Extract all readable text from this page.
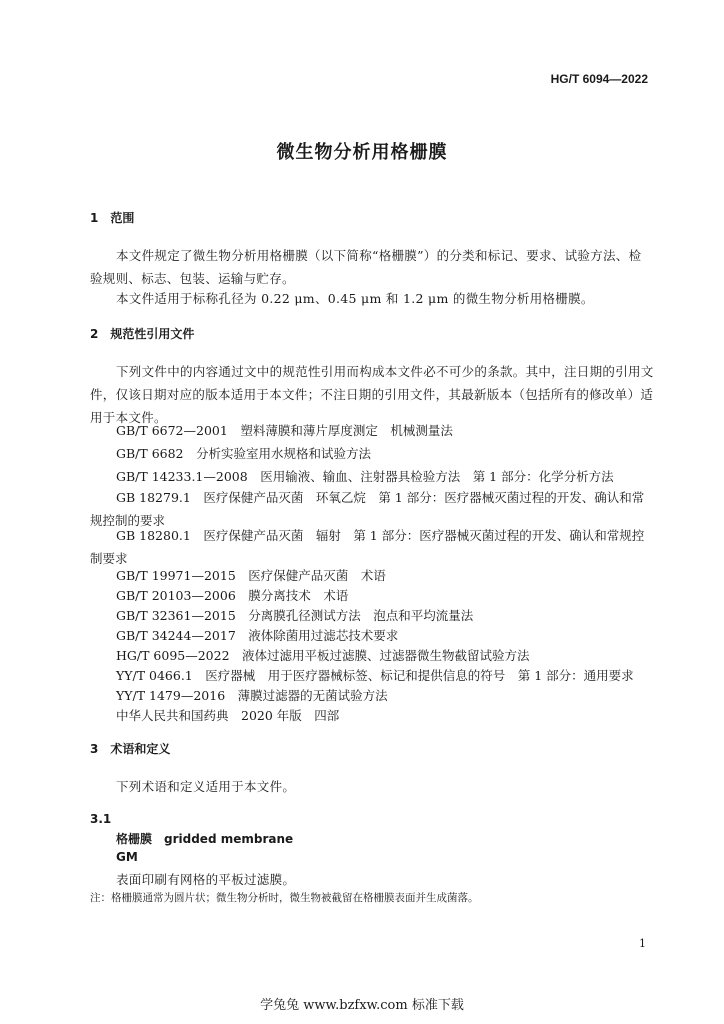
HG/T 6094—2022
微生物分析用格栅膜
1　范围
本文件规定了微生物分析用格栅膜（以下简称“格栅膜”）的分类和标记、要求、试验方法、检
验规则、标志、包装、运输与贮存。
本文件适用于标称孔径为 0.22 μm、0.45 μm 和 1.2 μm 的微生物分析用格栅膜。
2　规范性引用文件
下列文件中的内容通过文中的规范性引用而构成本文件必不可少的条款。其中，注日期的引用文
件，仅该日期对应的版本适用于本文件；不注日期的引用文件，其最新版本（包括所有的修改单）适
用于本文件。
GB/T 6672—2001　塑料薄膜和薄片厚度测定　机械测量法
GB/T 6682　分析实验室用水规格和试验方法
GB/T 14233.1—2008　医用输液、输血、注射器具检验方法　第 1 部分：化学分析方法
GB 18279.1　医疗保健产品灭菌　环氧乙烷　第 1 部分：医疗器械灭菌过程的开发、确认和常
规控制的要求
GB 18280.1　医疗保健产品灭菌　辐射　第 1 部分：医疗器械灭菌过程的开发、确认和常规控
制要求
GB/T 19971—2015　医疗保健产品灭菌　术语
GB/T 20103—2006　膜分离技术　术语
GB/T 32361—2015　分离膜孔径测试方法　泡点和平均流量法
GB/T 34244—2017　液体除菌用过滤芯技术要求
HG/T 6095—2022　液体过滤用平板过滤膜、过滤器微生物截留试验方法
YY/T 0466.1　医疗器械　用于医疗器械标签、标记和提供信息的符号　第 1 部分：通用要求
YY/T 1479—2016　薄膜过滤器的无菌试验方法
中华人民共和国药典　2020 年版　四部
3　术语和定义
下列术语和定义适用于本文件。
3.1
格栅膜　gridded membrane
GM
表面印刷有网格的平板过滤膜。
注：格栅膜通常为圆片状；微生物分析时，微生物被截留在格栅膜表面并生成菌落。
1
学兔兔 www.bzfxw.com 标准下载
